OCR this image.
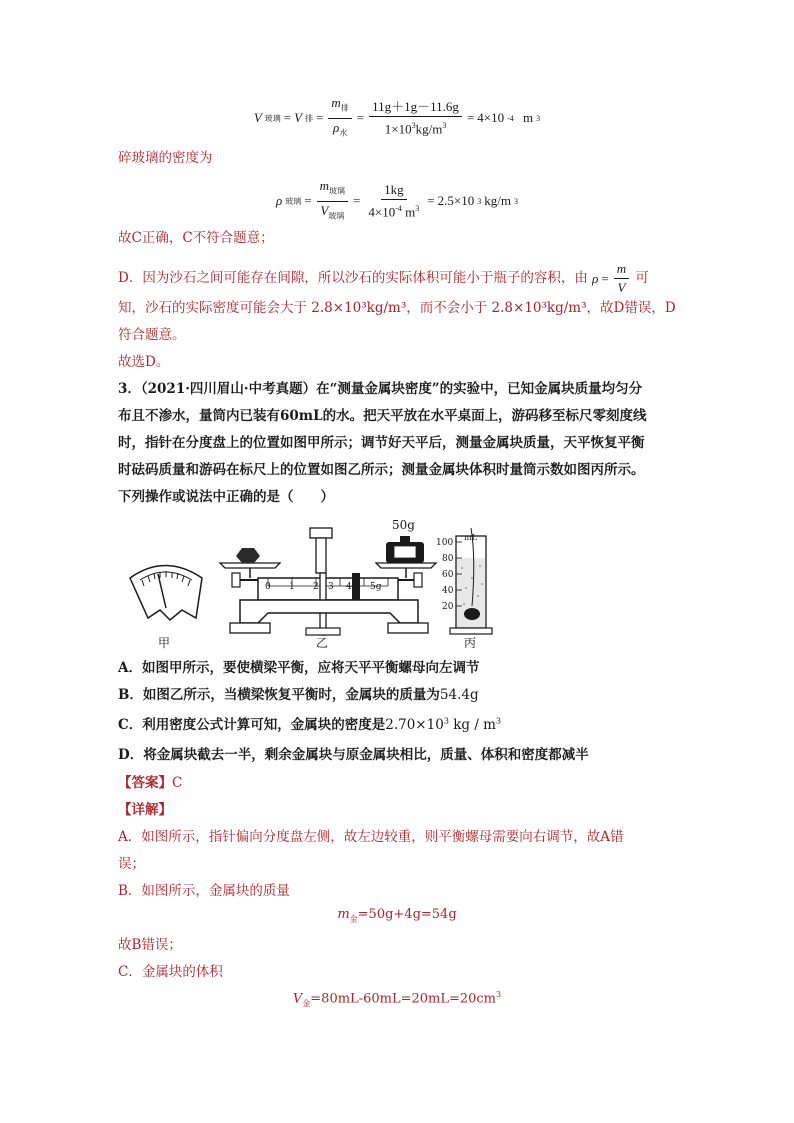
V 玻璃 = V 排 = $\frac{m_排}{\rho_水} = \frac{11g+1g-11.6g}{1\times 10^3kg/m^3} = 4\times 10$ -4
m 3
碎玻璃的密度为
ρ 玻璃 = $\frac{m_{玻璃}}{V_{玻璃}} = \frac{1kg}{4\times 10^{-4} m^3} = 2.5\times 10$ 3 kg/m 3
故C正确，C不符合题意；
D．因为沙石之间可能存在间隙，所以沙石的实际体积可能小于瓶子的容积，由 $\rho = \frac{m}{V}$ 可
知，沙石的实际密度可能会大于 2.8×10³kg/m³，而不会小于 2.8×10³kg/m³，故D错误，D
符合题意。
故选D。
3．（2021·四川眉山·中考真题）在“测量金属块密度”的实验中，已知金属块质量均匀分
布且不渗水，量筒内已装有60mL的水。把天平放在水平桌面上，游码移至标尺零刻度线
时，指针在分度盘上的位置如图甲所示；调节好天平后，测量金属块质量，天平恢复平衡
时砝码质量和游码在标尺上的位置如图乙所示；测量金属块体积时量筒示数如图丙所示。
下列操作或说法中正确的是（　　）
50g
0 1 2 3 4 5g
mL
100
80
60
40
20
甲	乙	丙
A．如图甲所示，要使横梁平衡，应将天平平衡螺母向左调节
B．如图乙所示，当横梁恢复平衡时，金属块的质量为54.4g
C．利用密度公式计算可知，金属块的密度是$2.70\times 10^3$ kg / $m^3$
D．将金属块截去一半，剩余金属块与原金属块相比，质量、体积和密度都减半
【答案】C
【详解】
A．如图所示，指针偏向分度盘左侧，故左边较重，则平衡螺母需要向右调节，故A错
误；
B．如图所示，金属块的质量
$m_金=50g+4g=54g$
故B错误；
C．金属块的体积
$V_金=80mL-60mL=20mL=20cm^3$
